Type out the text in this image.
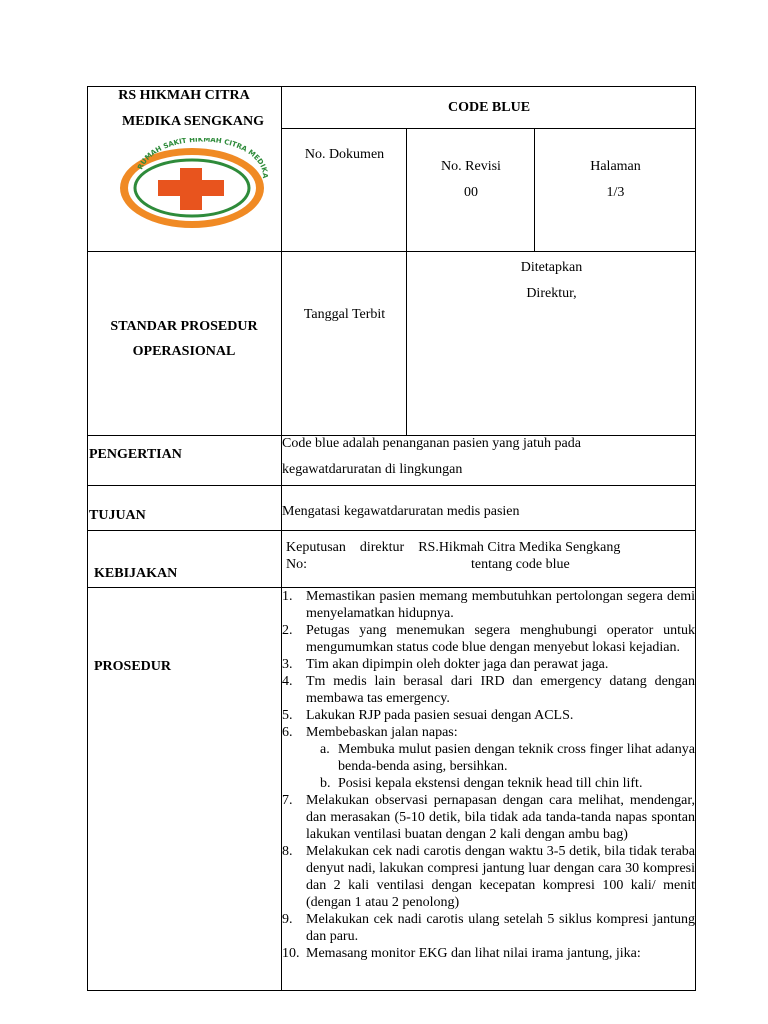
RS HIKMAH CITRA
MEDIKA SENGKANG
RUMAH SAKIT HIKMAH CITRA MEDIKA
CODE BLUE
No. Dokumen
No. Revisi
00
Halaman
1/3
STANDAR PROSEDUR
OPERASIONAL
Tanggal Terbit
Ditetapkan
Direktur,
PENGERTIAN
Code blue adalah penanganan pasien yang jatuh pada
kegawatdaruratan di lingkungan
TUJUAN	Mengatasi kegawatdaruratan medis pasien
KEBIJAKAN
Keputusan    direktur    RS.Hikmah Citra Medika Sengkang
No:	tentang code blue
PROSEDUR
1. Memastikan pasien memang membutuhkan pertolongan segera demi menyelamatkan hidupnya.
2. Petugas yang menemukan segera menghubungi operator untuk mengumumkan status code blue dengan menyebut lokasi kejadian.
3. Tim akan dipimpin oleh dokter jaga dan perawat jaga.
4. Tm medis lain berasal dari IRD dan emergency datang dengan membawa tas emergency.
5. Lakukan RJP pada pasien sesuai dengan ACLS.
6. Membebaskan jalan napas:
a. Membuka mulut pasien dengan teknik cross finger lihat adanya benda-benda asing, bersihkan.
b. Posisi kepala ekstensi dengan teknik head till chin lift.
7. Melakukan observasi pernapasan dengan cara melihat, mendengar, dan merasakan (5-10 detik, bila tidak ada tanda-tanda napas spontan lakukan ventilasi buatan dengan 2 kali dengan ambu bag)
8. Melakukan cek nadi carotis dengan waktu 3-5 detik, bila tidak teraba denyut nadi, lakukan compresi jantung luar dengan cara 30 kompresi dan 2 kali ventilasi dengan kecepatan kompresi 100 kali/ menit (dengan 1 atau 2 penolong)
9. Melakukan cek nadi carotis ulang setelah 5 siklus kompresi jantung dan paru.
10. Memasang monitor EKG dan lihat nilai irama jantung, jika:
